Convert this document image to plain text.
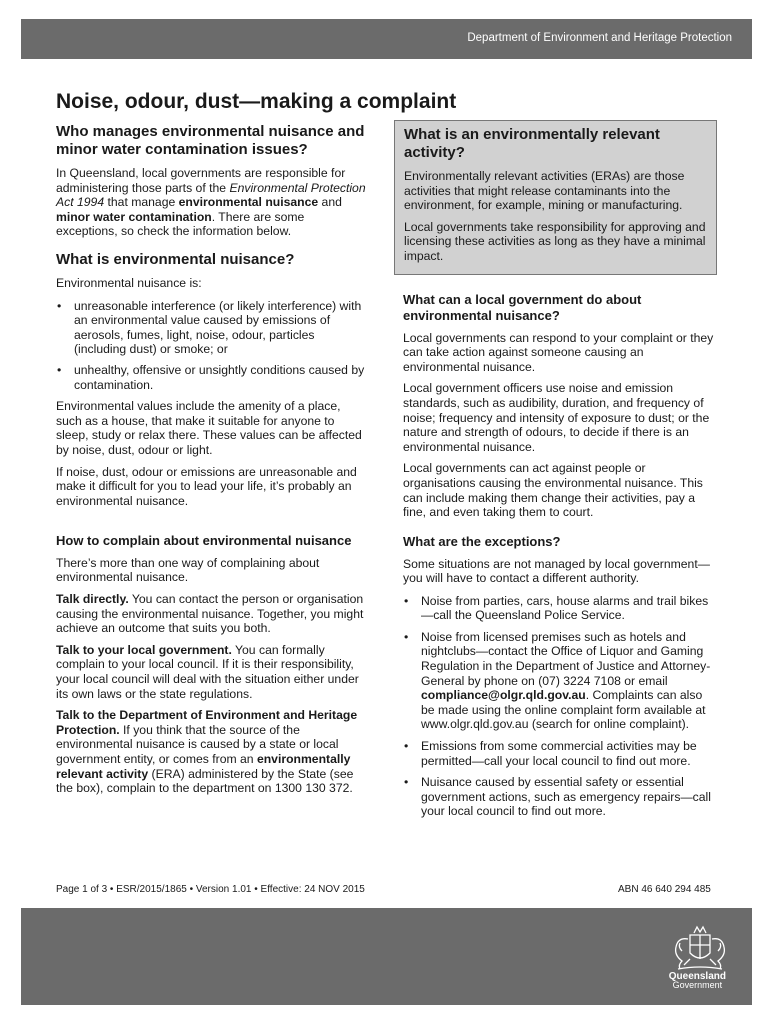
Department of Environment and Heritage Protection
Noise, odour, dust—making a complaint
Who manages environmental nuisance and minor water contamination issues?
In Queensland, local governments are responsible for administering those parts of the Environmental Protection Act 1994 that manage environmental nuisance and minor water contamination. There are some exceptions, so check the information below.
What is environmental nuisance?
Environmental nuisance is:
• unreasonable interference (or likely interference) with an environmental value caused by emissions of aerosols, fumes, light, noise, odour, particles (including dust) or smoke; or
• unhealthy, offensive or unsightly conditions caused by contamination.
Environmental values include the amenity of a place, such as a house, that make it suitable for anyone to sleep, study or relax there. These values can be affected by noise, dust, odour or light.
If noise, dust, odour or emissions are unreasonable and make it difficult for you to lead your life, it’s probably an environmental nuisance.
How to complain about environmental nuisance
There’s more than one way of complaining about environmental nuisance.
Talk directly. You can contact the person or organisation causing the environmental nuisance. Together, you might achieve an outcome that suits you both.
Talk to your local government. You can formally complain to your local council. If it is their responsibility, your local council will deal with the situation either under its own laws or the state regulations.
Talk to the Department of Environment and Heritage Protection. If you think that the source of the environmental nuisance is caused by a state or local government entity, or comes from an environmentally relevant activity (ERA) administered by the State (see the box), complain to the department on 1300 130 372.
What is an environmentally relevant activity?
Environmentally relevant activities (ERAs) are those activities that might release contaminants into the environment, for example, mining or manufacturing.
Local governments take responsibility for approving and licensing these activities as long as they have a minimal impact.
What can a local government do about environmental nuisance?
Local governments can respond to your complaint or they can take action against someone causing an environmental nuisance.
Local government officers use noise and emission standards, such as audibility, duration, and frequency of noise; frequency and intensity of exposure to dust; or the nature and strength of odours, to decide if there is an environmental nuisance.
Local governments can act against people or organisations causing the environmental nuisance. This can include making them change their activities, pay a fine, and even taking them to court.
What are the exceptions?
Some situations are not managed by local government—you will have to contact a different authority.
• Noise from parties, cars, house alarms and trail bikes—call the Queensland Police Service.
• Noise from licensed premises such as hotels and nightclubs—contact the Office of Liquor and Gaming Regulation in the Department of Justice and Attorney-General by phone on (07) 3224 7108 or email compliance@olgr.qld.gov.au. Complaints can also be made using the online complaint form available at www.olgr.qld.gov.au (search for online complaint).
• Emissions from some commercial activities may be permitted—call your local council to find out more.
• Nuisance caused by essential safety or essential government actions, such as emergency repairs—call your local council to find out more.
Page 1 of 3 • ESR/2015/1865 • Version 1.01 • Effective: 24 NOV 2015	ABN 46 640 294 485
Queensland
Government
